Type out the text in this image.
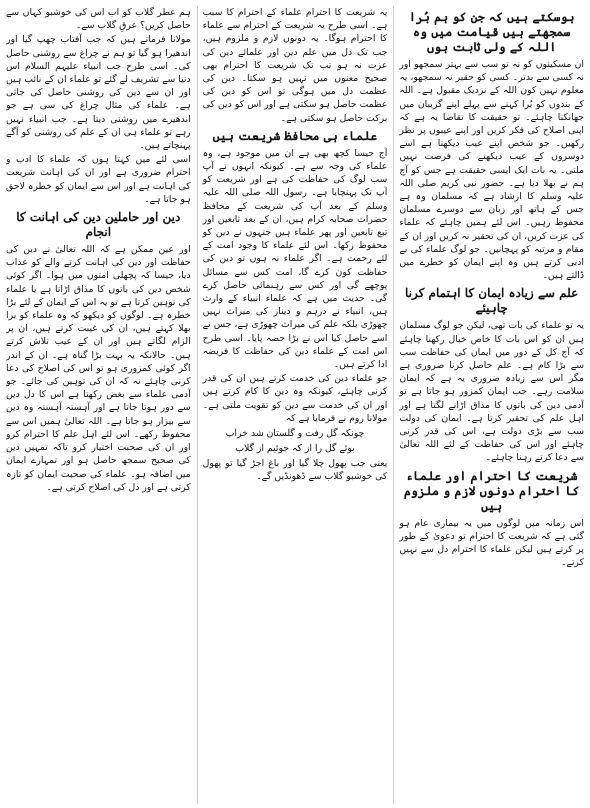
ہوسکتے ہیں کہ جن کو ہم بُرا سمجھتے ہیں قیامت میں وہ اللہ کے ولی ثابت ہوں

ان مسکینوں کو نہ تو سب سے بہتر سمجھو اور نہ کسی سے بدتر۔ کسی کو حقیر نہ سمجھو، یہ معلوم نہیں کون اللہ کے نزدیک مقبول ہے۔ اللہ کے بندوں کو بُرا کہنے سے پہلے اپنے گریبان میں جھانکنا چاہئے۔ تو حقیقت کا تقاضا یہ ہے کہ اپنی اصلاح کی فکر کریں اور اپنے عیبوں پر نظر رکھیں۔ جو شخص اپنے عیب دیکھتا ہے اسے دوسروں کے عیب دیکھنے کی فرصت نہیں ملتی۔ یہ بات ایک ایسی حقیقت ہے جس کو آج ہم نے بھلا دیا ہے۔ حضور نبی کریم صلی اللہ علیہ وسلم کا ارشاد ہے کہ مسلمان وہ ہے جس کے ہاتھ اور زبان سے دوسرے مسلمان محفوظ رہیں۔ اس لئے ہمیں چاہئے کہ علماء کی عزت کریں، ان کی تحقیر نہ کریں اور ان کے مقام و مرتبہ کو پہچانیں۔ جو لوگ علماء کی بے ادبی کرتے ہیں وہ اپنے ایمان کو خطرے میں ڈالتے ہیں۔

علم سے زیادہ ایمان کا اہتمام کرنا چاہیئے

یہ تو علماء کی بات تھی، لیکن جو لوگ مسلمان ہیں ان کو اس بات کا خاص خیال رکھنا چاہئے کہ آج کل کے دور میں ایمان کی حفاظت سب سے بڑا کام ہے۔ علم حاصل کرنا ضروری ہے مگر اس سے زیادہ ضروری یہ ہے کہ ایمان سلامت رہے۔ جب ایمان کمزور ہو جاتا ہے تو آدمی دین کی باتوں کا مذاق اڑانے لگتا ہے اور اہل علم کی تحقیر کرتا ہے۔ ایمان کی دولت سب سے بڑی دولت ہے، اس کی قدر کرنی چاہئے اور اس کی حفاظت کے لئے اللہ تعالیٰ سے دعا کرتے رہنا چاہئے۔

شریعت کا احترام اور علماء کا احترام دونوں لازم و ملزوم ہیں

اس زمانہ میں لوگوں میں یہ بیماری عام ہو گئی ہے کہ شریعت کا احترام تو دعویٰ کے طور پر کرتے ہیں لیکن علماء کا احترام دل سے نہیں کرتے۔

یہ شریعت کا احترام علماء کے احترام کا سبب ہے۔ اسی طرح یہ شریعت کے احترام سے علماء کا احترام ہوگا۔ یہ دونوں لازم و ملزوم ہیں، جب تک دل میں علم دین اور علمائے دین کی عزت نہ ہو تب تک شریعت کا احترام بھی صحیح معنوں میں نہیں ہو سکتا۔ دین کی عظمت دل میں ہوگی تو اس کو دین کی عظمت حاصل ہو سکتی ہے اور اس کو دین کی برکت حاصل ہو سکتی ہے۔

علماء ہی محافظ شریعت ہیں

آج جیسا کچھ بھی ہے ان میں موجود ہے، وہ علماء کی وجہ سے ہے۔ کیونکہ انہوں نے آپ سب لوگ کی حفاظت کی ہے اور شریعت کو آپ تک پہنچایا ہے۔ رسول اللہ صلی اللہ علیہ وسلم کے بعد آپ کی شریعت کے محافظ حضرات صحابہ کرام ہیں، ان کے بعد تابعین اور تبع تابعین اور پھر علماء ہیں جنہوں نے دین کو محفوظ رکھا۔ اس لئے علماء کا وجود امت کے لئے رحمت ہے۔ اگر علماء نہ ہوں تو دین کی حفاظت کون کرے گا، امت کس سے مسائل پوچھے گی اور کس سے رہنمائی حاصل کرے گی۔ حدیث میں ہے کہ علماء انبیاء کے وارث ہیں، انبیاء نے درہم و دینار کی میراث نہیں چھوڑی بلکہ علم کی میراث چھوڑی ہے، جس نے اسے حاصل کیا اس نے بڑا حصہ پایا۔ اسی طرح اس امت کے علماء دین کی حفاظت کا فریضہ ادا کرتے ہیں۔

جو علماء دین کی خدمت کرتے ہیں ان کی قدر کرنی چاہئے، کیونکہ وہ دین کا کام کرتے ہیں اور ان کی خدمت سے دین کو تقویت ملتی ہے۔ مولانا روم نے فرمایا ہے کہ

چونکہ گل رفت و گلستان شد خراب
بوئے گل را از کہ جوئیم از گلاب

یعنی جب پھول چلا گیا اور باغ اجڑ گیا تو پھول کی خوشبو گلاب سے ڈھونڈیں گے۔

ہم عطر گلاب کو اب اس کی خوشبو کہاں سے حاصل کریں؟ عرقِ گلاب سے۔

مولانا فرماتے ہیں کہ جب آفتاب چھپ گیا اور اندھیرا ہو گیا تو ہم نے چراغ سے روشنی حاصل کی۔ اسی طرح جب انبیاء علیہم السلام اس دنیا سے تشریف لے گئے تو علماء ان کے نائب ہیں اور ان سے دین کی روشنی حاصل کی جاتی ہے۔ علماء کی مثال چراغ کی سی ہے جو اندھیرے میں روشنی دیتا ہے۔ جب انبیاء نہیں رہے تو علماء ہی ان کے علم کی روشنی کو آگے پہنچاتے ہیں۔

اسی لئے میں کہتا ہوں کہ علماء کا ادب و احترام ضروری ہے اور ان کی اہانت شریعت کی اہانت ہے اور اس سے ایمان کو خطرہ لاحق ہو جاتا ہے۔

دین اور حاملین دین کی اہانت کا انجام

اور عین ممکن ہے کہ اللہ تعالیٰ نے دین کی حفاظت اور دین کی اہانت کرنے والے کو عذاب دیا، جیسا کہ پچھلی امتوں میں ہوا۔ اگر کوئی شخص دین کی باتوں کا مذاق اڑاتا ہے یا علماء کی توہین کرتا ہے تو یہ اس کے ایمان کے لئے بڑا خطرہ ہے۔ لوگوں کو دیکھو کہ وہ علماء کو برا بھلا کہتے ہیں، ان کی غیبت کرتے ہیں، ان پر الزام لگاتے ہیں اور ان کے عیب تلاش کرتے ہیں۔ حالانکہ یہ بہت بڑا گناہ ہے۔ ان کے اندر اگر کوئی کمزوری ہو تو اس کی اصلاح کی دعا کرنی چاہئے نہ کہ ان کی توہین کی جائے۔ جو آدمی علماء سے بغض رکھتا ہے اس کا دل دین سے دور ہوتا جاتا ہے اور آہستہ آہستہ وہ دین سے بیزار ہو جاتا ہے۔ اللہ تعالیٰ ہمیں اس سے محفوظ رکھے۔ اس لئے اہل علم کا احترام کرو اور ان کی صحبت اختیار کرو تاکہ تمہیں دین کی صحیح سمجھ حاصل ہو اور تمہارے ایمان میں اضافہ ہو۔ علماء کی صحبت ایمان کو تازہ کرتی ہے اور دل کی اصلاح کرتی ہے۔
